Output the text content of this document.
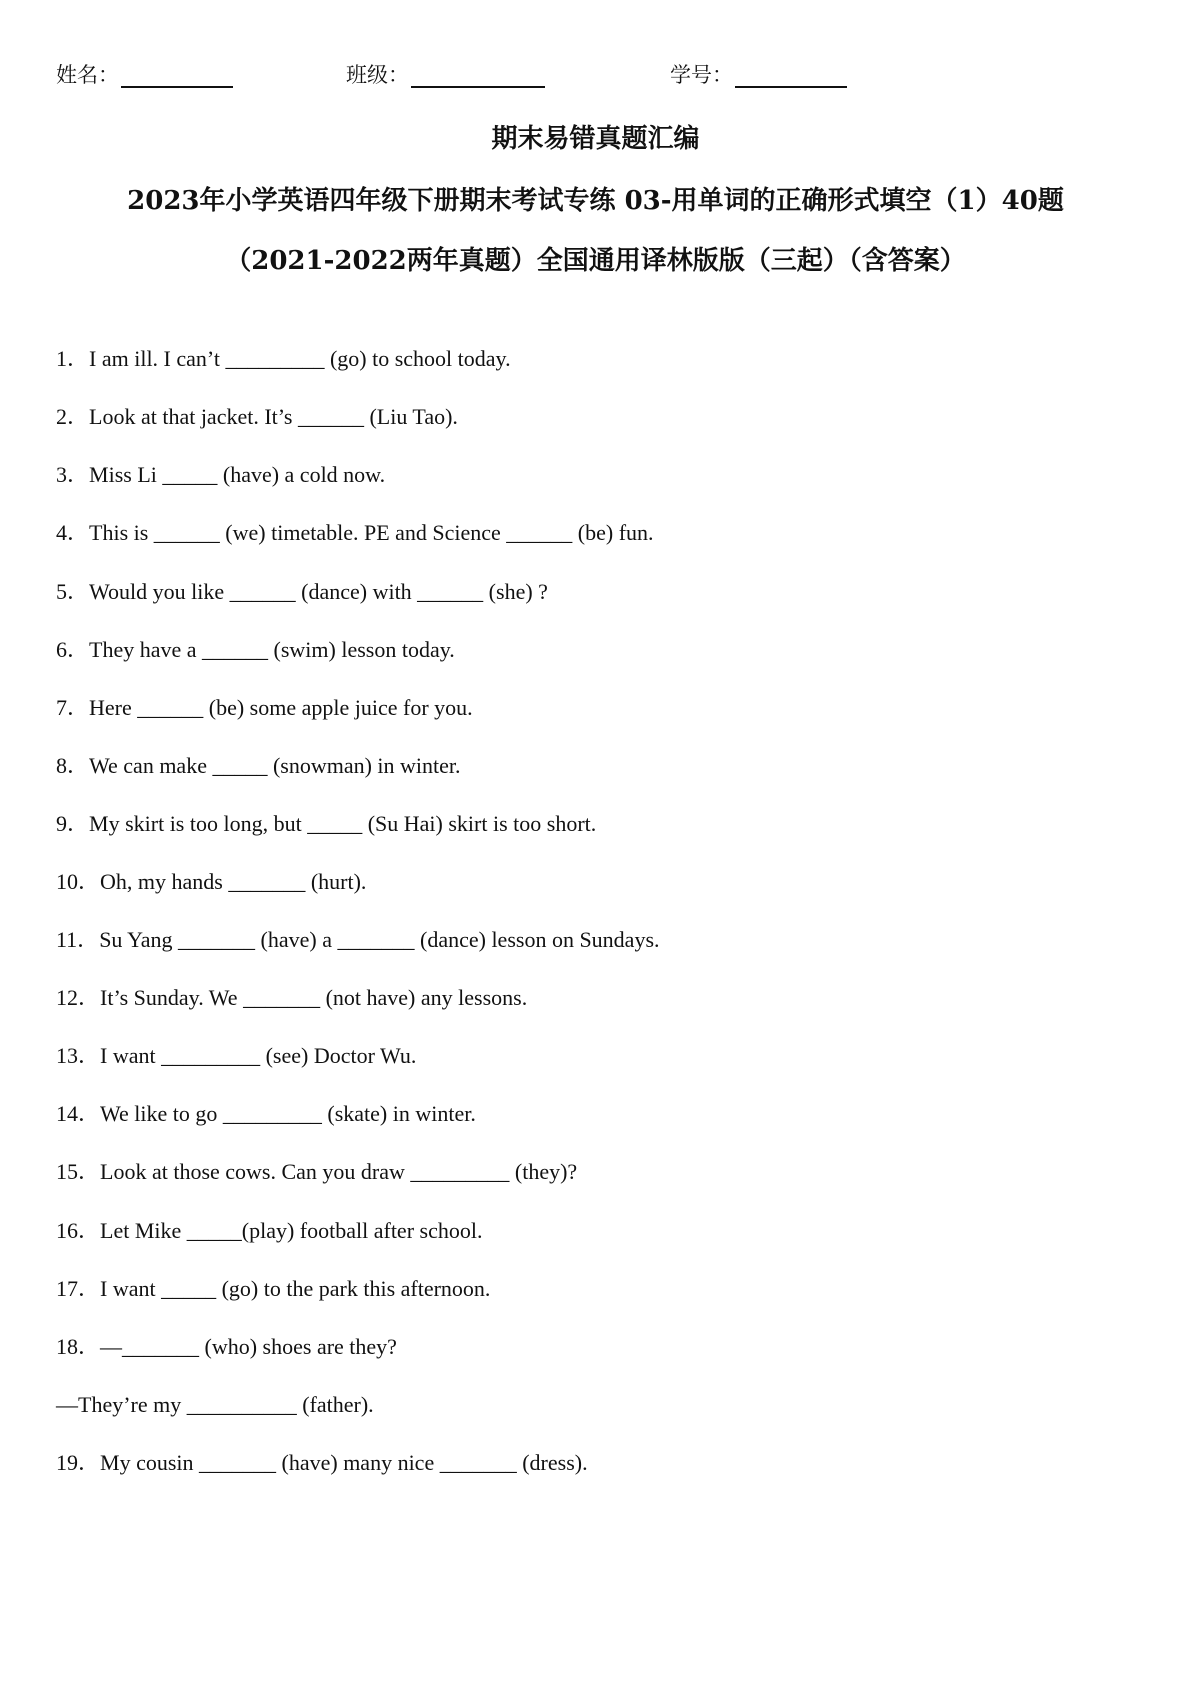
姓名：	班级：	学号：
期末易错真题汇编
2023年小学英语四年级下册期末考试专练 03-用单词的正确形式填空（1）40题
（2021-2022两年真题）全国通用译林版版（三起）（含答案）
1．I am ill. I can’t _________ (go) to school today.
2．Look at that jacket. It’s ______ (Liu Tao).
3．Miss Li _____ (have) a cold now.
4．This is ______ (we) timetable. PE and Science ______ (be) fun.
5．Would you like ______ (dance) with ______ (she) ?
6．They have a ______ (swim) lesson today.
7．Here ______ (be) some apple juice for you.
8．We can make _____ (snowman) in winter.
9．My skirt is too long, but _____ (Su Hai) skirt is too short.
10．Oh, my hands _______ (hurt).
11．Su Yang _______ (have) a _______ (dance) lesson on Sundays.
12．It’s Sunday. We _______ (not have) any lessons.
13．I want _________ (see) Doctor Wu.
14．We like to go _________ (skate) in winter.
15．Look at those cows. Can you draw _________ (they)?
16．Let Mike _____(play) football after school.
17．I want _____ (go) to the park this afternoon.
18．—_______ (who) shoes are they?
—They’re my __________ (father).
19．My cousin _______ (have) many nice _______ (dress).
